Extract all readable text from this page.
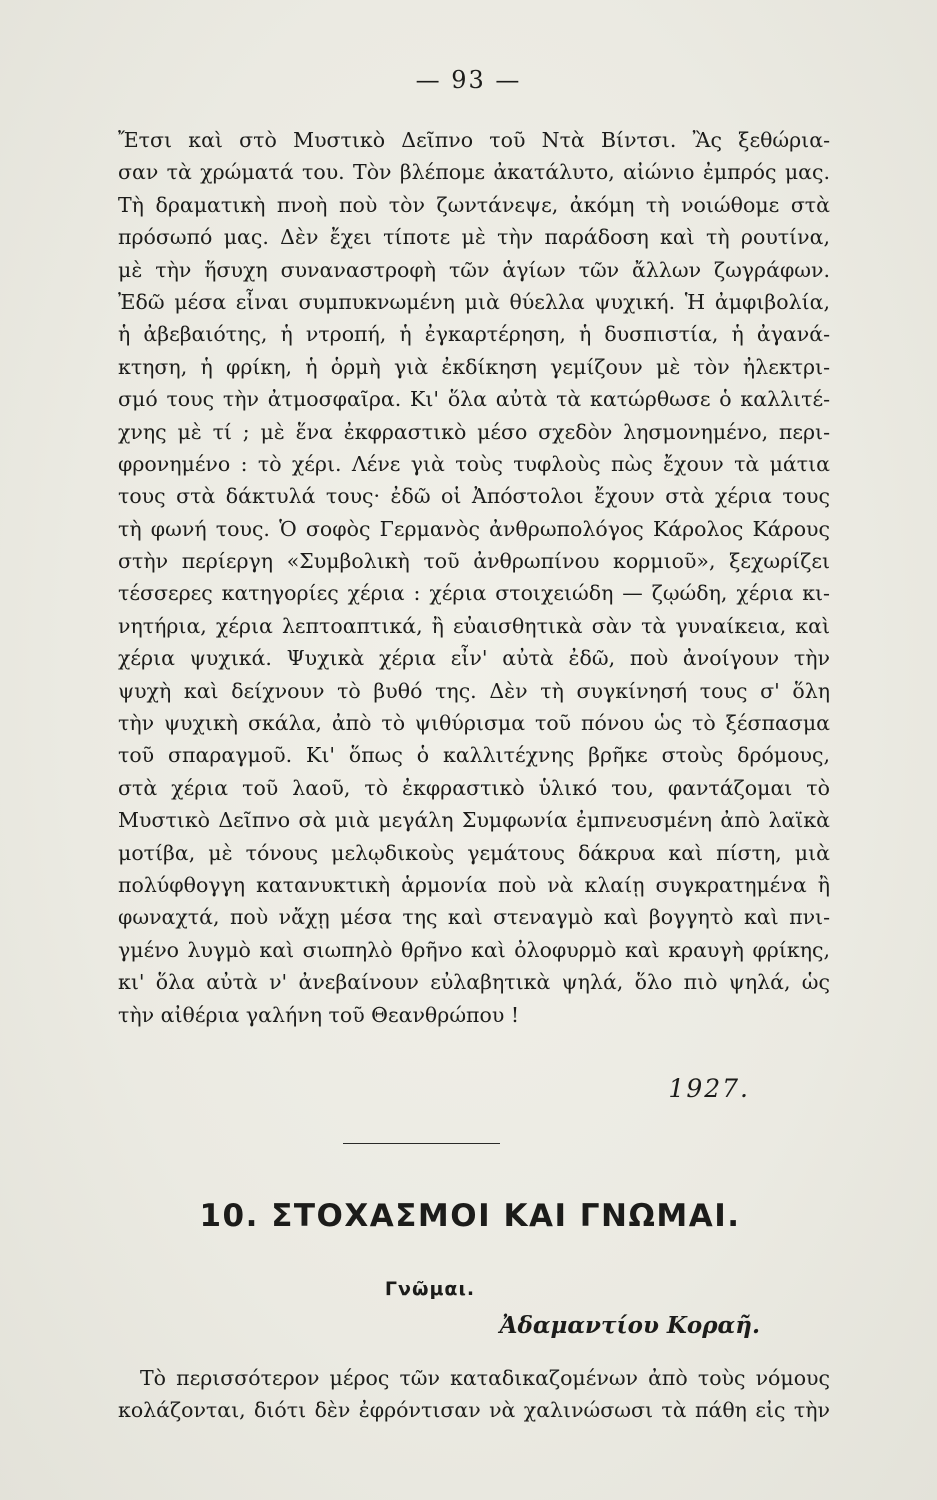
— 93 —
Ἔτσι καὶ στὸ Μυστικὸ Δεῖπνο τοῦ Ντὰ Βίντσι. Ἂς ξεθώρια-
σαν τὰ χρώματά του. Τὸν βλέπομε ἀκατάλυτο, αἰώνιο ἐμπρός μας.
Τὴ δραματικὴ πνοὴ ποὺ τὸν ζωντάνεψε, ἀκόμη τὴ νοιώθομε στὰ
πρόσωπό μας. Δὲν ἔχει τίποτε μὲ τὴν παράδοση καὶ τὴ ρουτίνα,
μὲ τὴν ἥσυχη συναναστροφὴ τῶν ἁγίων τῶν ἄλλων ζωγράφων.
Ἐδῶ μέσα εἶναι συμπυκνωμένη μιὰ θύελλα ψυχική. Ἡ ἀμφιβολία,
ἡ ἀβεβαιότης, ἡ ντροπή, ἡ ἐγκαρτέρηση, ἡ δυσπιστία, ἡ ἀγανά-
κτηση, ἡ φρίκη, ἡ ὁρμὴ γιὰ ἐκδίκηση γεμίζουν μὲ τὸν ἠλεκτρι-
σμό τους τὴν ἀτμοσφαῖρα. Κι' ὅλα αὐτὰ τὰ κατώρθωσε ὁ καλλιτέ-
χνης μὲ τί ; μὲ ἕνα ἐκφραστικὸ μέσο σχεδὸν λησμονημένο, περι-
φρονημένο : τὸ χέρι. Λένε γιὰ τοὺς τυφλοὺς πὼς ἔχουν τὰ μάτια
τους στὰ δάκτυλά τους· ἐδῶ οἱ Ἀπόστολοι ἔχουν στὰ χέρια τους
τὴ φωνή τους. Ὁ σοφὸς Γερμανὸς ἀνθρωπολόγος Κάρολος Κάρους
στὴν περίεργη «Συμβολικὴ τοῦ ἀνθρωπίνου κορμιοῦ», ξεχωρίζει
τέσσερες κατηγορίες χέρια : χέρια στοιχειώδη — ζῳώδη, χέρια κι-
νητήρια, χέρια λεπτοαπτικά, ἢ εὐαισθητικὰ σὰν τὰ γυναίκεια, καὶ
χέρια ψυχικά. Ψυχικὰ χέρια εἶν' αὐτὰ ἐδῶ, ποὺ ἀνοίγουν τὴν
ψυχὴ καὶ δείχνουν τὸ βυθό της. Δὲν τὴ συγκίνησή τους σ' ὅλη
τὴν ψυχικὴ σκάλα, ἀπὸ τὸ ψιθύρισμα τοῦ πόνου ὡς τὸ ξέσπασμα
τοῦ σπαραγμοῦ. Κι' ὅπως ὁ καλλιτέχνης βρῆκε στοὺς δρόμους,
στὰ χέρια τοῦ λαοῦ, τὸ ἐκφραστικὸ ὑλικό του, φαντάζομαι τὸ
Μυστικὸ Δεῖπνο σὰ μιὰ μεγάλη Συμφωνία ἐμπνευσμένη ἀπὸ λαϊκὰ
μοτίβα, μὲ τόνους μελῳδικοὺς γεμάτους δάκρυα καὶ πίστη, μιὰ
πολύφθογγη κατανυκτικὴ ἁρμονία ποὺ νὰ κλαίῃ συγκρατημένα ἢ
φωναχτά, ποὺ νἄχῃ μέσα της καὶ στεναγμὸ καὶ βογγητὸ καὶ πνι-
γμένο λυγμὸ καὶ σιωπηλὸ θρῆνο καὶ ὀλοφυρμὸ καὶ κραυγὴ φρίκης,
κι' ὅλα αὐτὰ ν' ἀνεβαίνουν εὐλαβητικὰ ψηλά, ὅλο πιὸ ψηλά, ὡς
τὴν αἰθέρια γαλήνη τοῦ Θεανθρώπου !
1927.
10. ΣΤΟΧΑΣΜΟΙ ΚΑΙ ΓΝΩΜΑΙ.
Γνῶμαι.
Ἀδαμαντίου Κοραῆ.
Τὸ περισσότερον μέρος τῶν καταδικαζομένων ἀπὸ τοὺς νόμους
κολάζονται, διότι δὲν ἐφρόντισαν νὰ χαλινώσωσι τὰ πάθη εἰς τὴν
